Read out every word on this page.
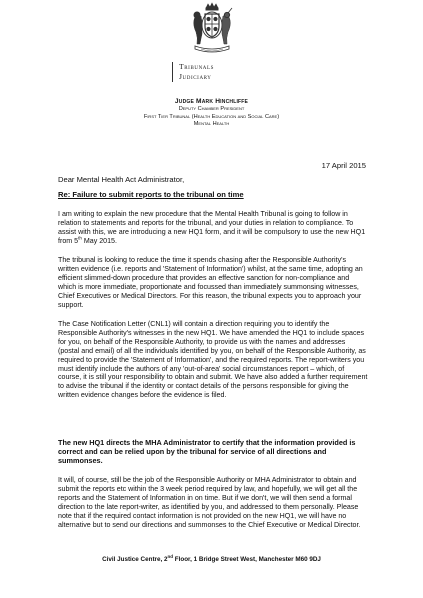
Tribunals
Judiciary
Judge Mark Hinchliffe
Deputy Chamber President
First Tier Tribunal (Health Education and Social Care)
Mental Health
17 April 2015
Dear Mental Health Act Administrator,
Re: Failure to submit reports to the tribunal on time

I am writing to explain the new procedure that the Mental Health Tribunal is going to follow in relation to statements and reports for the tribunal, and your duties in relation to compliance. To assist with this, we are introducing a new HQ1 form, and it will be compulsory to use the new HQ1 from 5th May 2015.

The tribunal is looking to reduce the time it spends chasing after the Responsible Authority's written evidence (i.e. reports and 'Statement of Information') whilst, at the same time, adopting an efficient slimmed-down procedure that provides an effective sanction for non-compliance and which is more immediate, proportionate and focussed than immediately summonsing witnesses, Chief Executives or Medical Directors. For this reason, the tribunal expects you to approach your support.

The Case Notification Letter (CNL1) will contain a direction requiring you to identify the Responsible Authority's witnesses in the new HQ1. We have amended the HQ1 to include spaces for you, on behalf of the Responsible Authority, to provide us with the names and addresses (postal and email) of all the individuals identified by you, on behalf of the Responsible Authority, as required to provide the 'Statement of Information', and the required reports. The report-writers you must identify include the authors of any 'out-of-area' social circumstances report – which, of course, it is still your responsibility to obtain and submit. We have also added a further requirement to advise the tribunal if the identity or contact details of the persons responsible for giving the written evidence changes before the evidence is filed.

The new HQ1 directs the MHA Administrator to certify that the information provided is correct and can be relied upon by the tribunal for service of all directions and summonses.

It will, of course, still be the job of the Responsible Authority or MHA Administrator to obtain and submit the reports etc within the 3 week period required by law, and hopefully, we will get all the reports and the Statement of Information in on time. But if we don't, we will then send a formal direction to the late report-writer, as identified by you, and addressed to them personally. Please note that if the required contact information is not provided on the new HQ1, we will have no alternative but to send our directions and summonses to the Chief Executive or Medical Director.

Civil Justice Centre, 2nd Floor, 1 Bridge Street West, Manchester M60 9DJ
